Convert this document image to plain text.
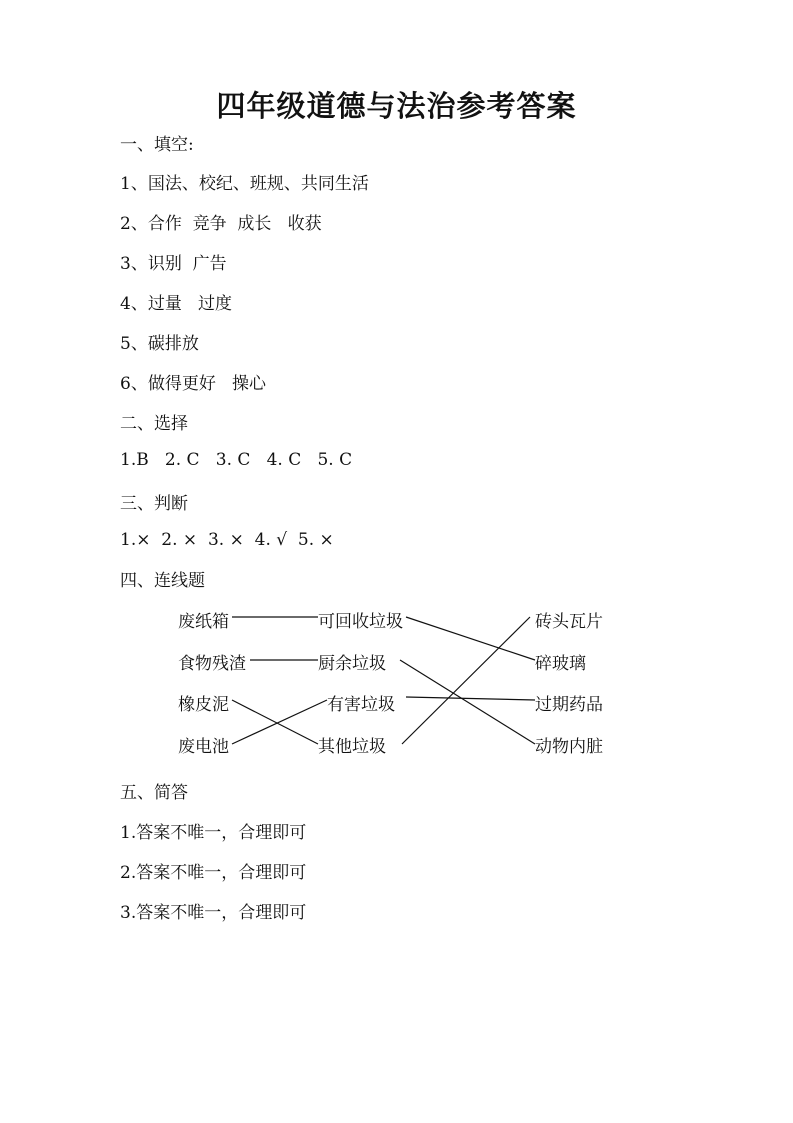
四年级道德与法治参考答案
一、填空:
1、国法、校纪、班规、共同生活
2、合作  竞争  成长   收获
3、识别  广告
4、过量   过度
5、碳排放
6、做得更好   操心
二、选择
1.B   2. C   3. C   4. C   5. C
三、判断
1.×  2. ×  3. ×  4. √  5. ×
四、连线题
废纸箱
食物残渣
橡皮泥
废电池
可回收垃圾
厨余垃圾
有害垃圾
其他垃圾
砖头瓦片
碎玻璃
过期药品
动物内脏
五、简答
1.答案不唯一，合理即可
2.答案不唯一，合理即可
3.答案不唯一，合理即可
